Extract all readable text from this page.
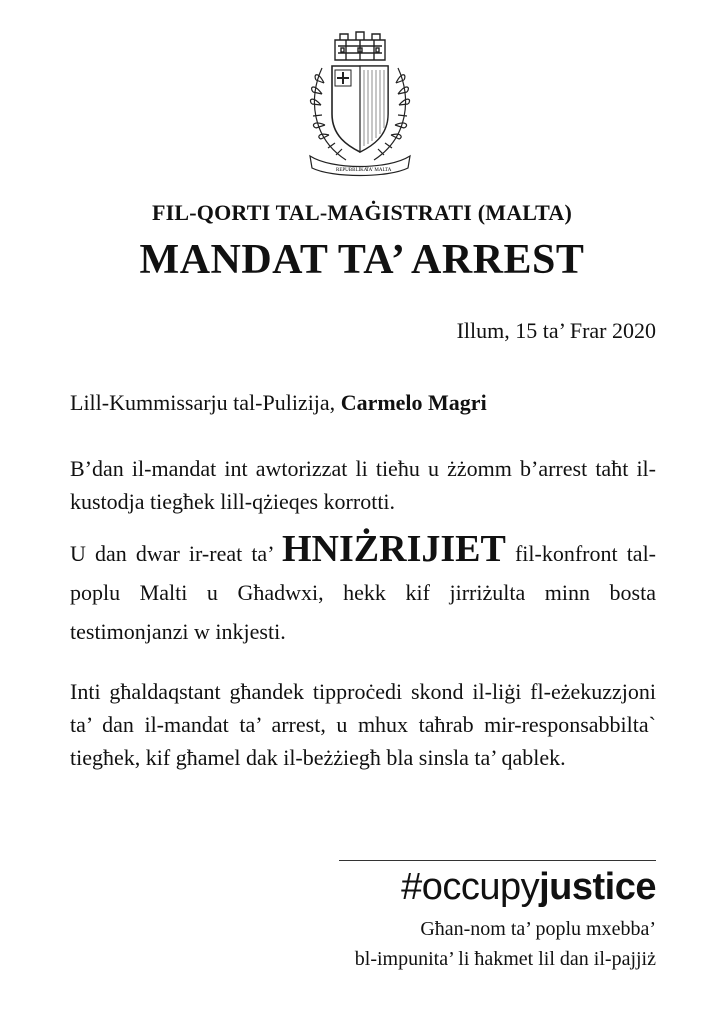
REPUBBLIKA
TA' MALTA
FIL-QORTI TAL-MAĠISTRATI (MALTA)
MANDAT TA’ ARREST
Illum, 15 ta’ Frar 2020
Lill-Kummissarju tal-Pulizija, Carmelo Magri
B’dan il-mandat int awtorizzat li tieħu u żżomm b’arrest taħt il-kustodja tiegħek lill-qżieqes korrotti.
U dan dwar ir-reat ta’ HNIŻRIJIET fil-konfront tal-poplu Malti u Għadwxi, hekk kif jirriżulta minn bosta testimonjanzi w inkjesti.
Inti għaldaqstant għandek tipproċedi skond il-liġi fl-eżekuzzjoni ta’ dan il-mandat ta’ arrest, u mhux taħrab mir-responsabbilta` tiegħek, kif għamel dak il-beżżiegħ bla sinsla ta’ qablek.
#occupyjustice
Għan-nom ta’ poplu mxebba’
bl-impunita’ li ħakmet lil dan il-pajjiż
